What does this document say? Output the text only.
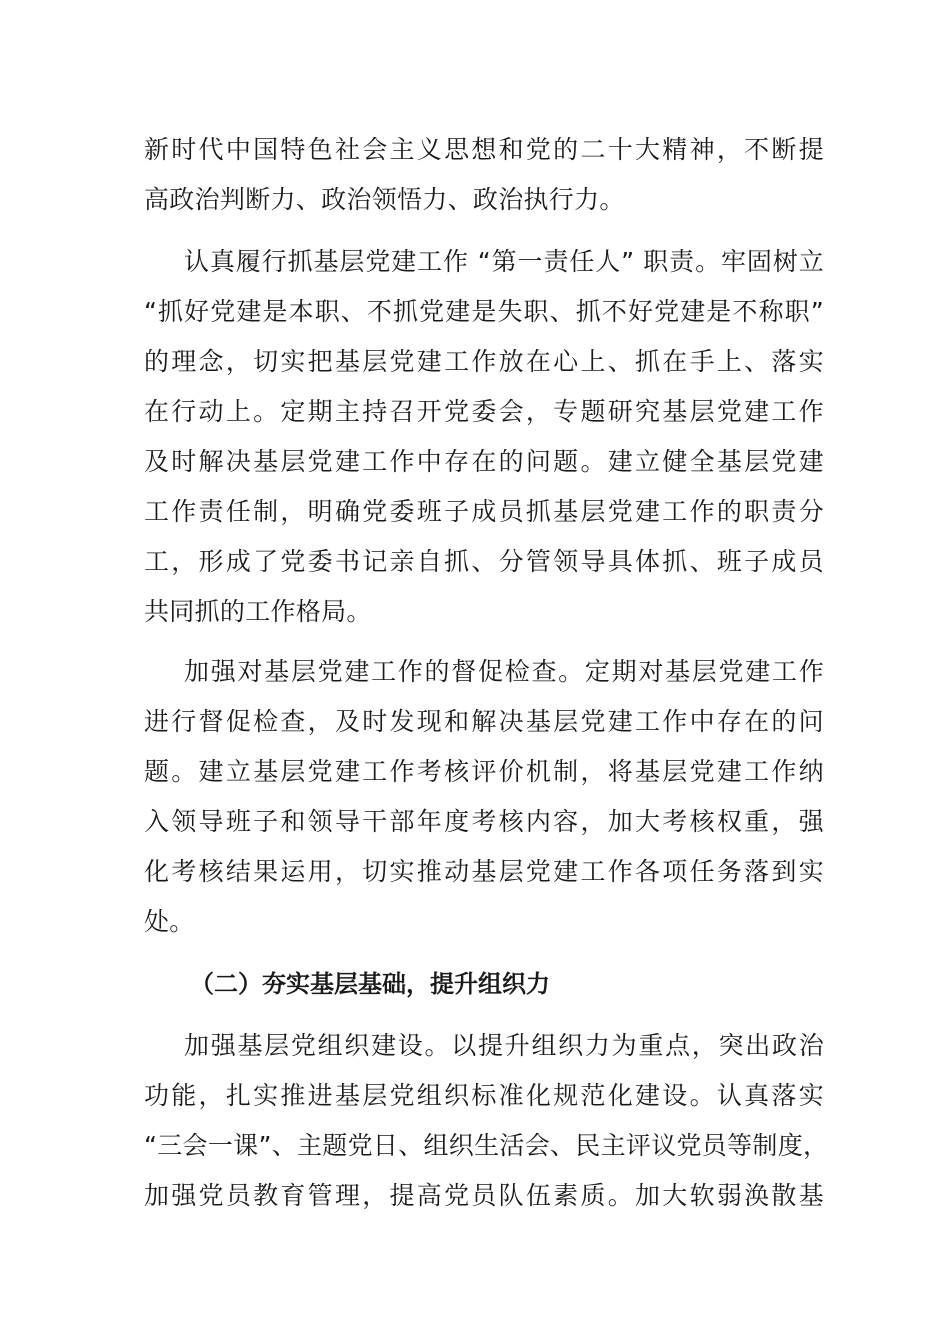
新时代中国特色社会主义思想和党的二十大精神，不断提
高政治判断力、政治领悟力、政治执行力。
认真履行抓基层党建工作 “第一责任人” 职责。牢固树立
“抓好党建是本职、不抓党建是失职、抓不好党建是不称职”
的理念，切实把基层党建工作放在心上、抓在手上、落实
在行动上。定期主持召开党委会，专题研究基层党建工作
及时解决基层党建工作中存在的问题。建立健全基层党建
工作责任制，明确党委班子成员抓基层党建工作的职责分
工，形成了党委书记亲自抓、分管领导具体抓、班子成员
共同抓的工作格局。
加强对基层党建工作的督促检查。定期对基层党建工作
进行督促检查，及时发现和解决基层党建工作中存在的问
题。建立基层党建工作考核评价机制，将基层党建工作纳
入领导班子和领导干部年度考核内容，加大考核权重，强
化考核结果运用，切实推动基层党建工作各项任务落到实
处。
（二）夯实基层基础，提升组织力
加强基层党组织建设。以提升组织力为重点，突出政治
功能，扎实推进基层党组织标准化规范化建设。认真落实
“三会一课”、主题党日、组织生活会、民主评议党员等制度，
加强党员教育管理，提高党员队伍素质。加大软弱涣散基
